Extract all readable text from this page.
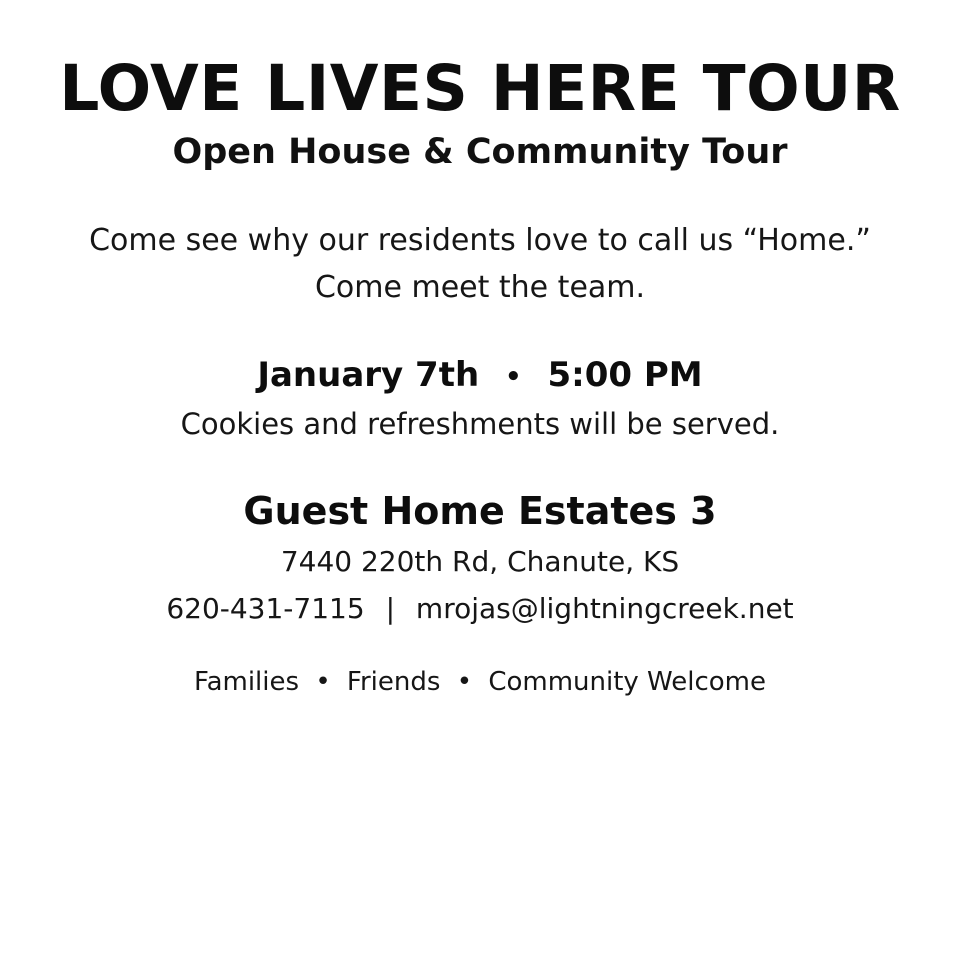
LOVE LIVES HERE TOUR
Open House & Community Tour

Come see why our residents love to call us “Home.”
Come meet the team.

January 7th • 5:00 PM

Cookies and refreshments will be served.

Guest Home Estates 3

7440 220th Rd, Chanute, KS

620-431-7115 | mrojas@lightningcreek.net

Families • Friends • Community Welcome
